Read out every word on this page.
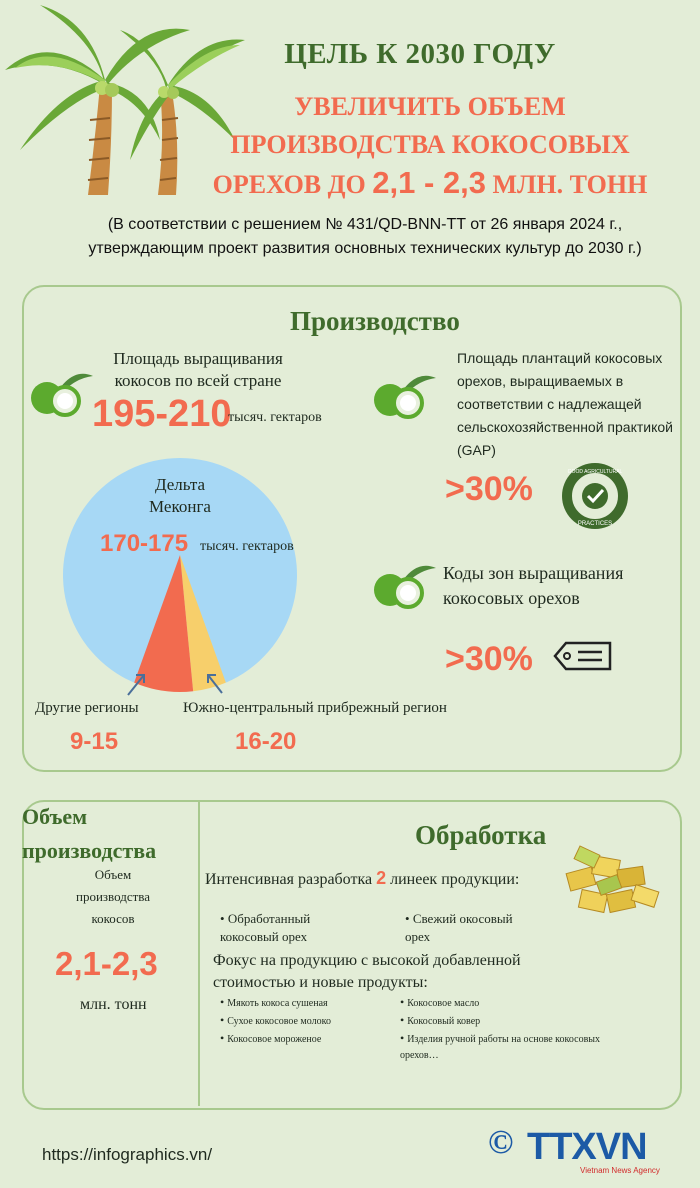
ЦЕЛЬ К 2030 ГОДУ
УВЕЛИЧИТЬ ОБЪЕМ
ПРОИЗВОДСТВА КОКОСОВЫХ
ОРЕХОВ ДО 2,1 - 2,3 МЛН. ТОНН
(В соответствии с решением № 431/QD-BNN-TT от 26 января 2024 г., утверждающим проект развития основных технических культур до 2030 г.)
Производство
Площадь выращивания кокосов по всей стране
195-210
тысяч. гектаров
Дельта Меконга
170-175 тысяч. гектаров
Другие регионы
9-15
Южно-центральный прибрежный регион
16-20
Площадь плантаций кокосовых орехов, выращиваемых в соответствии с надлежащей сельскохозяйственной практикой (GAP)
>30%	GOOD AGRICULTURAL
PRACTICES
Коды зон выращивания кокосовых орехов
>30%
Объем производства
Объем производства кокосов
2,1-2,3
млн. тонн
Обработка
Интенсивная разработка 2 линеек продукции:
• Обработанный кокосовый орех
• Свежий окосовый орех
Фокус на продукцию с высокой добавленной стоимостью и новые продукты:
• Мякоть кокоса сушеная
• Сухое кокосовое молоко
• Кокосовое мороженое
• Кокосовое масло
• Кокосовый ковер
• Изделия ручной работы на основе кокосовых орехов…
https://infographics.vn/	© TTXVN
Vietnam News Agency
